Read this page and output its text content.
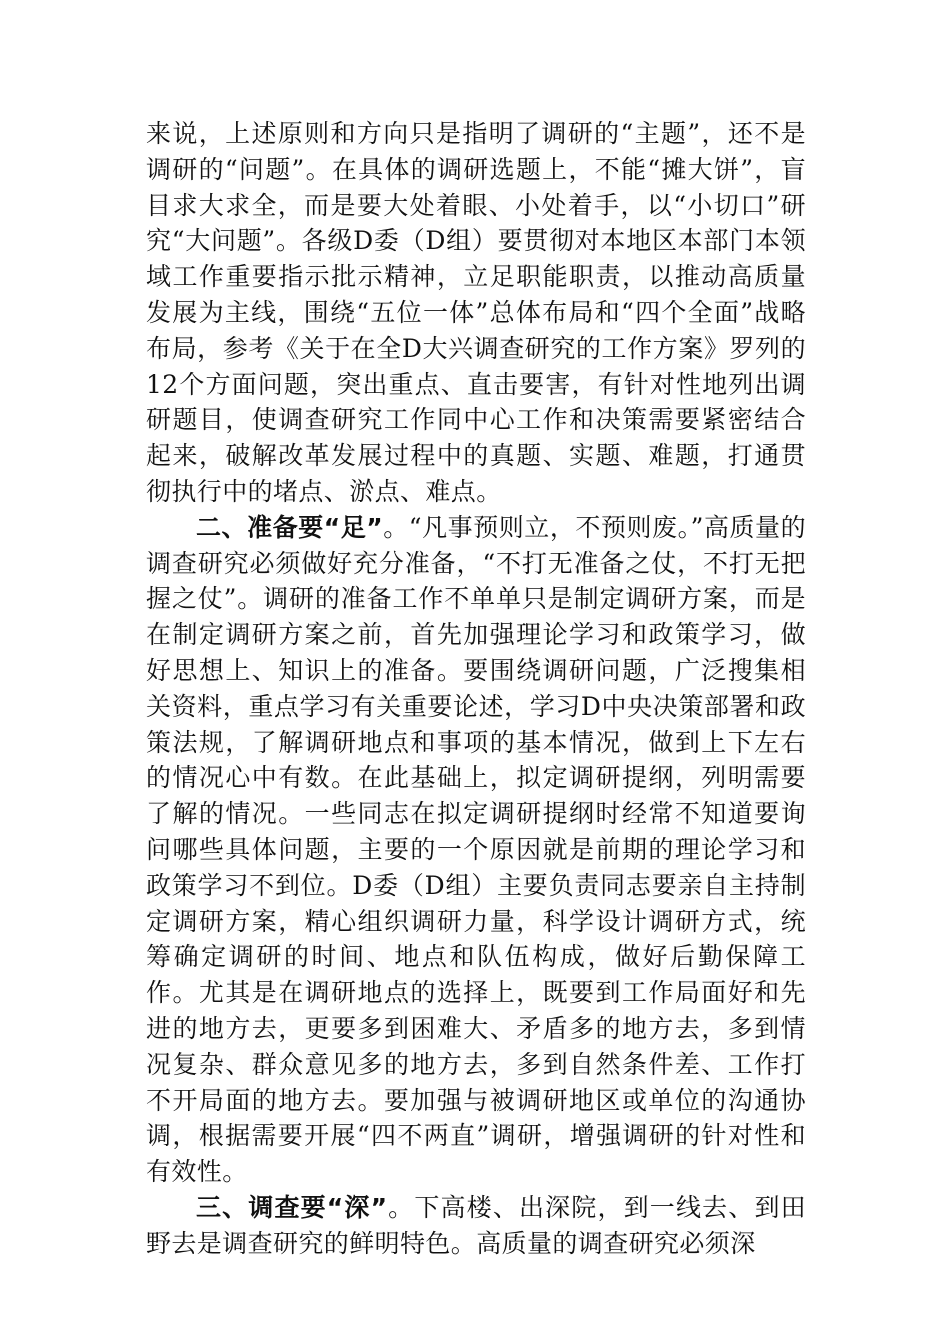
来说，上述原则和方向只是指明了调研的“主题”，还不是调研的“问题”。在具体的调研选题上，不能“摊大饼”，盲目求大求全，而是要大处着眼、小处着手，以“小切口”研究“大问题”。各级D委（D组）要贯彻对本地区本部门本领域工作重要指示批示精神，立足职能职责，以推动高质量发展为主线，围绕“五位一体”总体布局和“四个全面”战略布局，参考《关于在全D大兴调查研究的工作方案》罗列的12个方面问题，突出重点、直击要害，有针对性地列出调研题目，使调查研究工作同中心工作和决策需要紧密结合起来，破解改革发展过程中的真题、实题、难题，打通贯彻执行中的堵点、淤点、难点。

二、准备要“足”。“凡事预则立，不预则废。”高质量的调查研究必须做好充分准备，“不打无准备之仗，不打无把握之仗”。调研的准备工作不单单只是制定调研方案，而是在制定调研方案之前，首先加强理论学习和政策学习，做好思想上、知识上的准备。要围绕调研问题，广泛搜集相关资料，重点学习有关重要论述，学习D中央决策部署和政策法规，了解调研地点和事项的基本情况，做到上下左右的情况心中有数。在此基础上，拟定调研提纲，列明需要了解的情况。一些同志在拟定调研提纲时经常不知道要询问哪些具体问题，主要的一个原因就是前期的理论学习和政策学习不到位。D委（D组）主要负责同志要亲自主持制定调研方案，精心组织调研力量，科学设计调研方式，统筹确定调研的时间、地点和队伍构成，做好后勤保障工作。尤其是在调研地点的选择上，既要到工作局面好和先进的地方去，更要多到困难大、矛盾多的地方去，多到情况复杂、群众意见多的地方去，多到自然条件差、工作打不开局面的地方去。要加强与被调研地区或单位的沟通协调，根据需要开展“四不两直”调研，增强调研的针对性和有效性。

三、调查要“深”。下高楼、出深院，到一线去、到田野去是调查研究的鲜明特色。高质量的调查研究必须深
